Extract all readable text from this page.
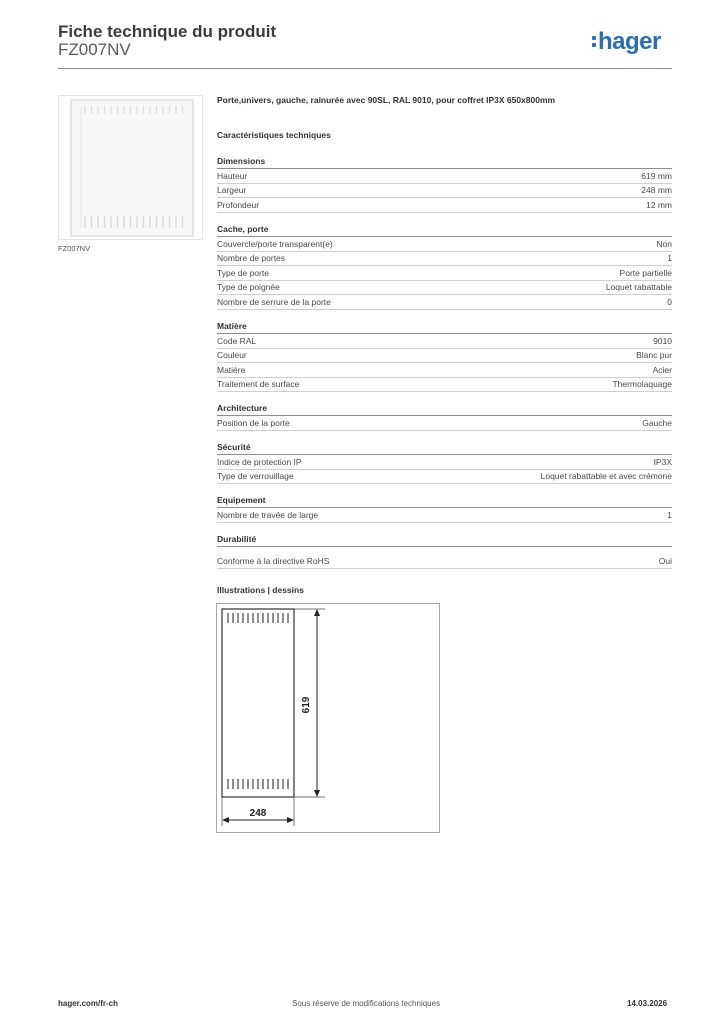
Fiche technique du produit
FZ007NV	hager
FZ007NV
Porte,univers, gauche, rainurée avec 90SL, RAL 9010, pour coffret IP3X 650x800mm
Caractéristiques techniques
Dimensions
Hauteur	619 mm
Largeur	248 mm
Profondeur	12 mm
Cache, porte
Couvercle/porte transparent(e)	Non
Nombre de portes	1
Type de porte	Porte partielle
Type de poignée	Loquet rabattable
Nombre de serrure de la porte	0
Matière
Code RAL	9010
Couleur	Blanc pur
Matière	Acier
Traitement de surface	Thermolaquage
Architecture
Position de la porte	Gauche
Sécurité
Indice de protection IP	IP3X
Type de verrouillage	Loquet rabattable et avec crémone
Equipement
Nombre de travée de large	1
Durabilité
Conforme à la directive RoHS	Oui
Illustrations | dessins
619
248
hager.com/fr-ch	Sous réserve de modifications techniques	14.03.2026
